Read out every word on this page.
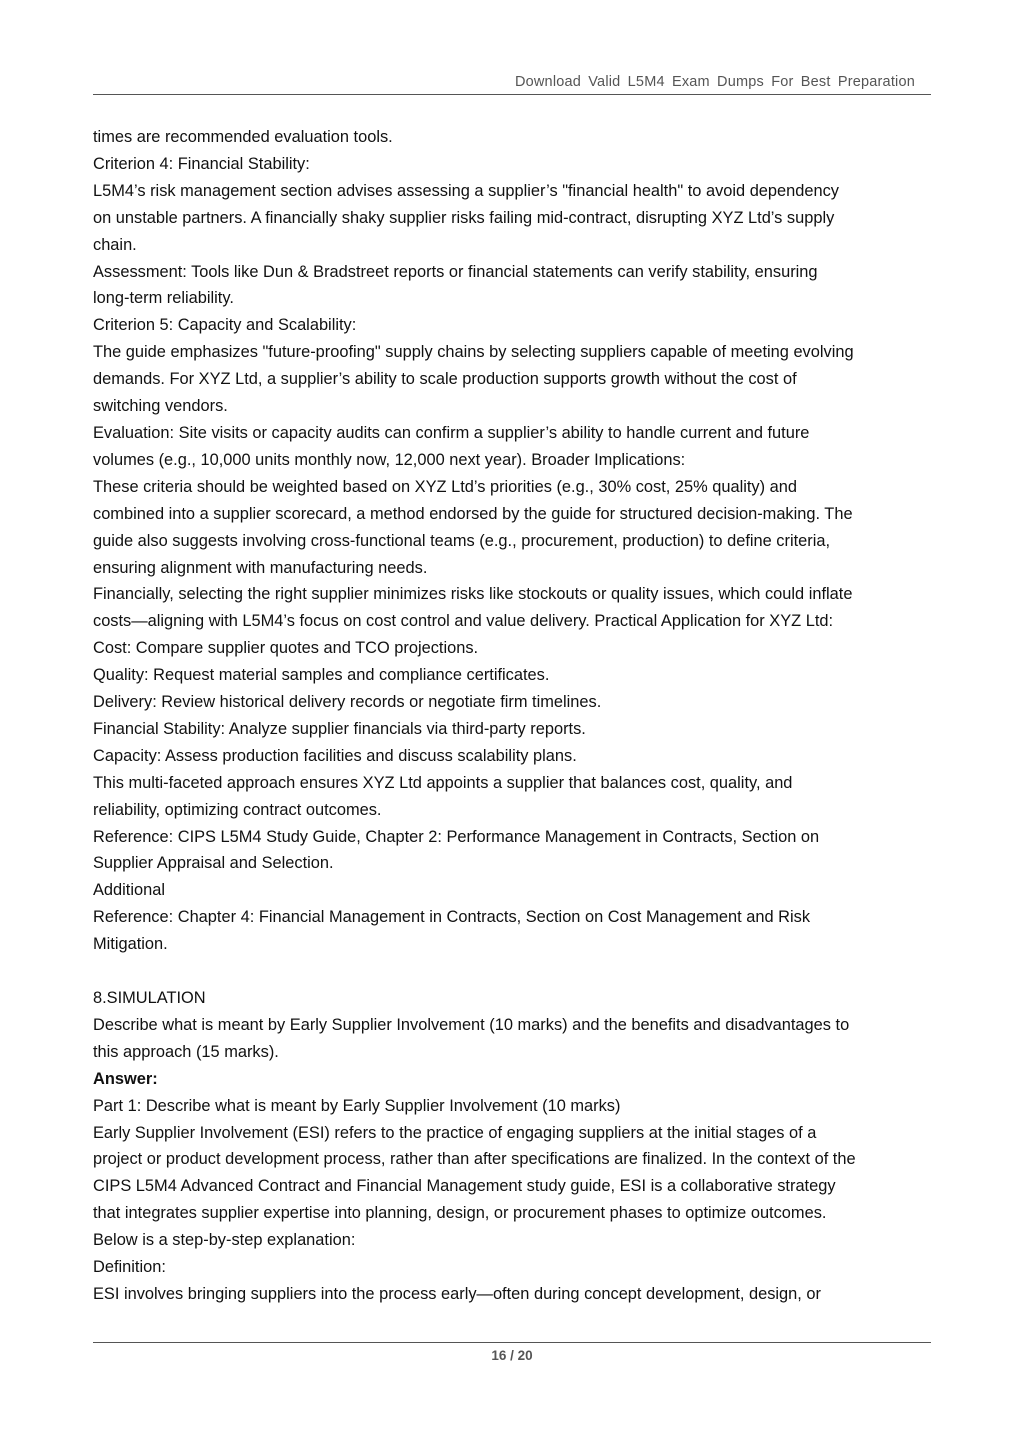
Download Valid L5M4 Exam Dumps For Best Preparation

times are recommended evaluation tools.

Criterion 4: Financial Stability:

L5M4’s risk management section advises assessing a supplier’s "financial health" to avoid dependency

on unstable partners. A financially shaky supplier risks failing mid-contract, disrupting XYZ Ltd’s supply

chain.

Assessment: Tools like Dun & Bradstreet reports or financial statements can verify stability, ensuring

long-term reliability.

Criterion 5: Capacity and Scalability:

The guide emphasizes "future-proofing" supply chains by selecting suppliers capable of meeting evolving

demands. For XYZ Ltd, a supplier’s ability to scale production supports growth without the cost of

switching vendors.

Evaluation: Site visits or capacity audits can confirm a supplier’s ability to handle current and future

volumes (e.g., 10,000 units monthly now, 12,000 next year). Broader Implications:

These criteria should be weighted based on XYZ Ltd’s priorities (e.g., 30% cost, 25% quality) and

combined into a supplier scorecard, a method endorsed by the guide for structured decision-making. The

guide also suggests involving cross-functional teams (e.g., procurement, production) to define criteria,

ensuring alignment with manufacturing needs.

Financially, selecting the right supplier minimizes risks like stockouts or quality issues, which could inflate

costs—aligning with L5M4’s focus on cost control and value delivery. Practical Application for XYZ Ltd:

Cost: Compare supplier quotes and TCO projections.

Quality: Request material samples and compliance certificates.

Delivery: Review historical delivery records or negotiate firm timelines.

Financial Stability: Analyze supplier financials via third-party reports.

Capacity: Assess production facilities and discuss scalability plans.

This multi-faceted approach ensures XYZ Ltd appoints a supplier that balances cost, quality, and

reliability, optimizing contract outcomes.

Reference: CIPS L5M4 Study Guide, Chapter 2: Performance Management in Contracts, Section on

Supplier Appraisal and Selection.

Additional

Reference: Chapter 4: Financial Management in Contracts, Section on Cost Management and Risk

Mitigation.

8.SIMULATION

Describe what is meant by Early Supplier Involvement (10 marks) and the benefits and disadvantages to

this approach (15 marks).

Answer:

Part 1: Describe what is meant by Early Supplier Involvement (10 marks)

Early Supplier Involvement (ESI) refers to the practice of engaging suppliers at the initial stages of a

project or product development process, rather than after specifications are finalized. In the context of the

CIPS L5M4 Advanced Contract and Financial Management study guide, ESI is a collaborative strategy

that integrates supplier expertise into planning, design, or procurement phases to optimize outcomes.

Below is a step-by-step explanation:

Definition:

ESI involves bringing suppliers into the process early—often during concept development, design, or

16 / 20
